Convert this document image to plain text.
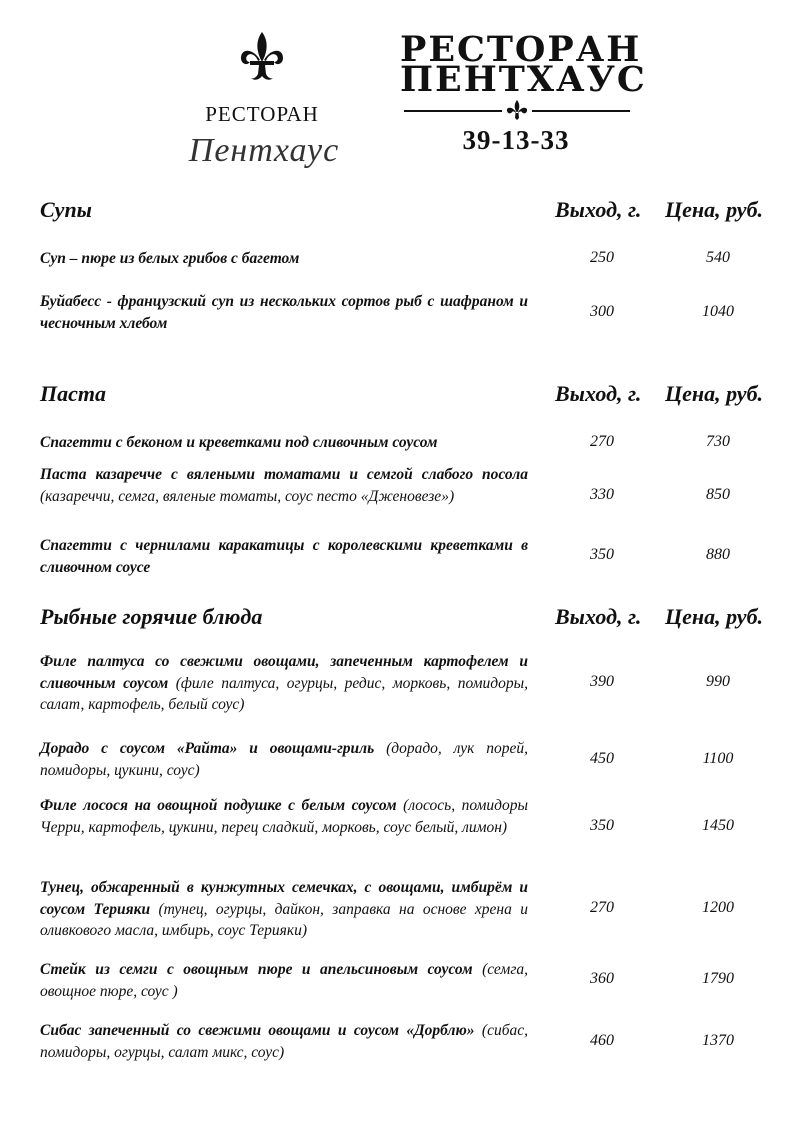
РЕСТОРАН
Пентхаус
РЕСТОРАН
ПЕНТХАУС
39-13-33
Супы	Выход, г. Цена, руб.
Суп – пюре из белых грибов с багетом	250	540
Буйабесс - французский суп из нескольких сортов рыб с шафраном и чесночным хлебом
300	1040
Паста	Выход, г. Цена, руб.
Спагетти с беконом и креветками под сливочным соусом	270	730
Паста казаречче с вялеными томатами и семгой слабого посола (казареччи, семга, вяленые томаты, соус песто «Дженовезе»)	330	850
Спагетти с чернилами каракатицы с королевскими креветками в сливочном соусе
350	880
Рыбные горячие блюда	Выход, г. Цена, руб.
Филе палтуса со свежими овощами, запеченным картофелем и сливочным соусом (филе палтуса, огурцы, редис, морковь, помидоры, салат, картофель, белый соус)
390	990
Дорадо с соусом «Райта» и овощами-гриль (дорадо, лук порей, помидоры, цукини, соус)
450	1100
Филе лосося на овощной подушке с белым соусом (лосось, помидоры Черри, картофель, цукини, перец сладкий, морковь, соус белый, лимон)	350	1450
Тунец, обжаренный в кунжутных семечках, с овощами, имбирём и соусом Терияки (тунец, огурцы, дайкон, заправка на основе хрена и оливкового масла, имбирь, соус Терияки)
270	1200
Стейк из семги с овощным пюре и апельсиновым соусом (семга, овощное пюре, соус )
360	1790
Сибас запеченный со свежими овощами и соусом «Дорблю» (сибас, помидоры, огурцы, салат микс, соус)
460	1370
